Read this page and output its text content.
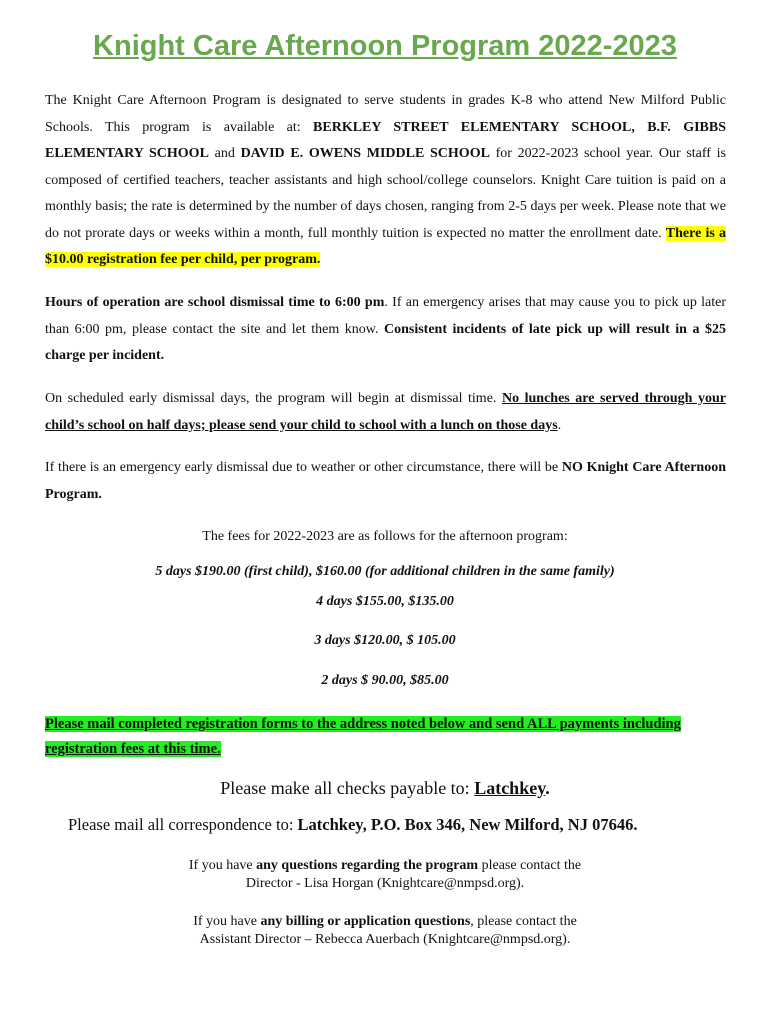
Knight Care Afternoon Program 2022-2023

The Knight Care Afternoon Program is designated to serve students in grades K-8 who attend New Milford Public Schools. This program is available at: BERKLEY STREET ELEMENTARY SCHOOL, B.F. GIBBS ELEMENTARY SCHOOL and DAVID E. OWENS MIDDLE SCHOOL for 2022-2023 school year. Our staff is composed of certified teachers, teacher assistants and high school/college counselors. Knight Care tuition is paid on a monthly basis; the rate is determined by the number of days chosen, ranging from 2-5 days per week. Please note that we do not prorate days or weeks within a month, full monthly tuition is expected no matter the enrollment date. There is a $10.00 registration fee per child, per program.

Hours of operation are school dismissal time to 6:00 pm. If an emergency arises that may cause you to pick up later than 6:00 pm, please contact the site and let them know. Consistent incidents of late pick up will result in a $25 charge per incident.

On scheduled early dismissal days, the program will begin at dismissal time. No lunches are served through your child’s school on half days; please send your child to school with a lunch on those days.

If there is an emergency early dismissal due to weather or other circumstance, there will be NO Knight Care Afternoon Program.

The fees for 2022-2023 are as follows for the afternoon program:

5 days $190.00 (first child), $160.00 (for additional children in the same family)

4 days $155.00, $135.00

3 days $120.00, $ 105.00

2 days $ 90.00, $85.00

Please mail completed registration forms to the address noted below and send ALL payments including registration fees at this time.

Please make all checks payable to: Latchkey.

Please mail all correspondence to: Latchkey, P.O. Box 346, New Milford, NJ 07646.

If you have any questions regarding the program please contact the
Director - Lisa Horgan (Knightcare@nmpsd.org).

If you have any billing or application questions, please contact the
Assistant Director – Rebecca Auerbach (Knightcare@nmpsd.org).
